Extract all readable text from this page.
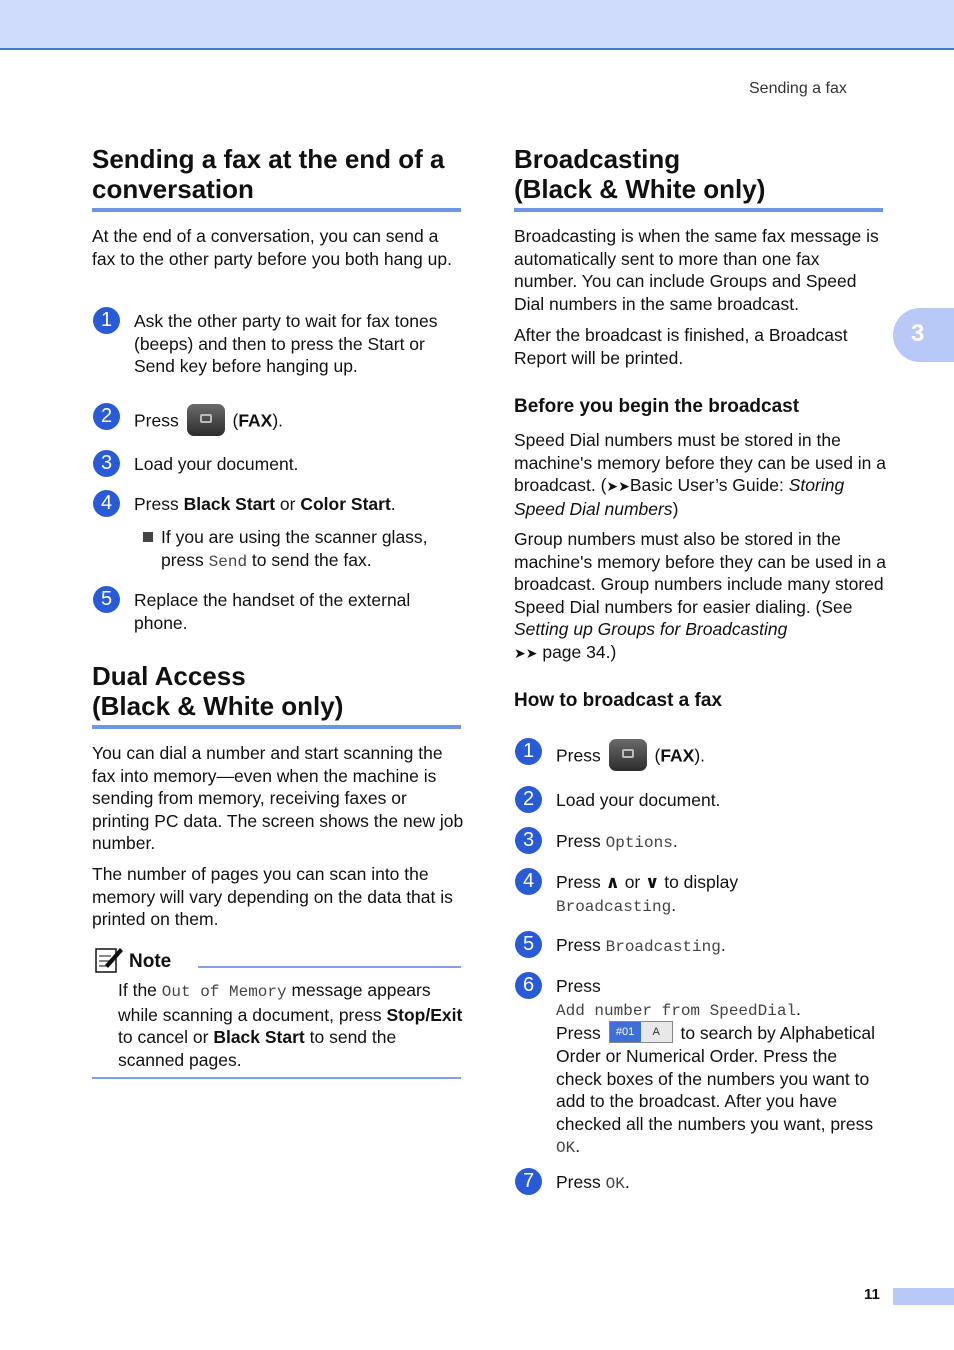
Sending a fax
3
Sending a fax at the end of a
conversation
At the end of a conversation, you can send a fax to the other party before you both hang up.
1	Ask the other party to wait for fax tones (beeps) and then to press the Start or Send key before hanging up.
2	Press	(FAX).
3	Load your document.
4	Press Black Start or Color Start.
If you are using the scanner glass, press Send to send the fax.
5	Replace the handset of the external phone.
Dual Access
(Black & White only)
You can dial a number and start scanning the fax into memory—even when the machine is sending from memory, receiving faxes or printing PC data. The screen shows the new job number.
The number of pages you can scan into the memory will vary depending on the data that is printed on them.
Note
If the Out of Memory message appears while scanning a document, press Stop/Exit to cancel or Black Start to send the scanned pages.
Broadcasting
(Black & White only)
Broadcasting is when the same fax message is automatically sent to more than one fax number. You can include Groups and Speed Dial numbers in the same broadcast.
After the broadcast is finished, a Broadcast Report will be printed.
Before you begin the broadcast
Speed Dial numbers must be stored in the machine's memory before they can be used in a broadcast. (➤➤Basic User’s Guide: Storing Speed Dial numbers)
Group numbers must also be stored in the machine's memory before they can be used in a broadcast. Group numbers include many stored Speed Dial numbers for easier dialing. (See Setting up Groups for Broadcasting
➤➤ page 34.)
How to broadcast a fax
1	Press	(FAX).
2	Load your document.
3	Press Options.
4	Press ∧ or ∨ to display
Broadcasting.
5	Press Broadcasting.
6	Press
Add number from SpeedDial.
Press #01	A to search by Alphabetical Order or Numerical Order. Press the check boxes of the numbers you want to add to the broadcast. After you have checked all the numbers you want, press OK.
7	Press OK.
11
